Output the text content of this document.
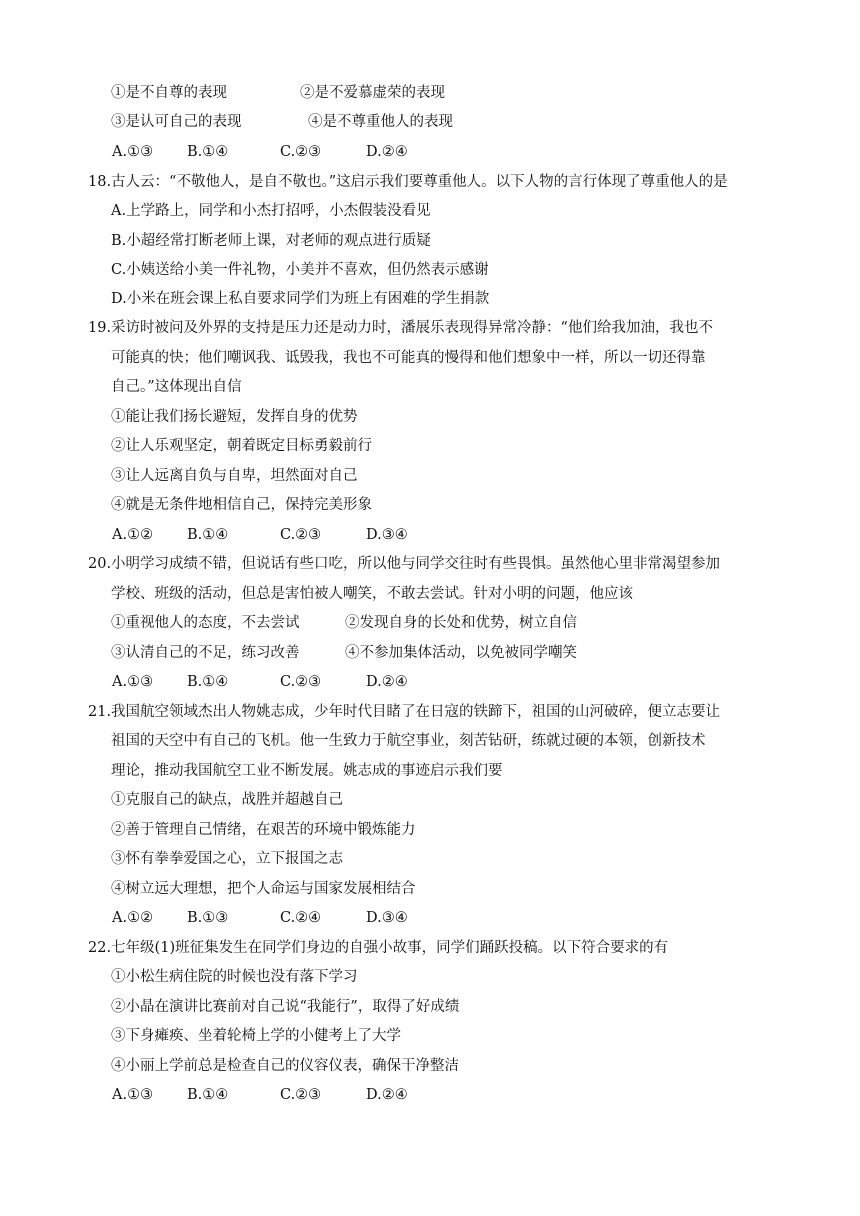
①是不自尊的表现	②是不爱慕虚荣的表现
③是认可自己的表现	④是不尊重他人的表现
A.①③ B.①④	C.②③	D.②④
18.古人云：“不敬他人，是自不敬也。”这启示我们要尊重他人。以下人物的言行体现了尊重他人的是
A.上学路上，同学和小杰打招呼，小杰假装没看见
B.小超经常打断老师上课，对老师的观点进行质疑
C.小姨送给小美一件礼物，小美并不喜欢，但仍然表示感谢
D.小米在班会课上私自要求同学们为班上有困难的学生捐款
19.采访时被问及外界的支持是压力还是动力时，潘展乐表现得异常冷静：“他们给我加油，我也不
可能真的快；他们嘲讽我、诋毁我，我也不可能真的慢得和他们想象中一样，所以一切还得靠
自己。”这体现出自信
①能让我们扬长避短，发挥自身的优势
②让人乐观坚定，朝着既定目标勇毅前行
③让人远离自负与自卑，坦然面对自己
④就是无条件地相信自己，保持完美形象
A.①② B.①④	C.②③	D.③④
20.小明学习成绩不错，但说话有些口吃，所以他与同学交往时有些畏惧。虽然他心里非常渴望参加
学校、班级的活动，但总是害怕被人嘲笑，不敢去尝试。针对小明的问题，他应该
①重视他人的态度，不去尝试	②发现自身的长处和优势，树立自信
③认清自己的不足，练习改善	④不参加集体活动，以免被同学嘲笑
A.①③ B.①④	C.②③	D.②④
21.我国航空领域杰出人物姚志成，少年时代目睹了在日寇的铁蹄下，祖国的山河破碎，便立志要让
祖国的天空中有自己的飞机。他一生致力于航空事业，刻苦钻研，练就过硬的本领，创新技术
理论，推动我国航空工业不断发展。姚志成的事迹启示我们要
①克服自己的缺点，战胜并超越自己
②善于管理自己情绪，在艰苦的环境中锻炼能力
③怀有拳拳爱国之心，立下报国之志
④树立远大理想，把个人命运与国家发展相结合
A.①② B.①③	C.②④	D.③④
22.七年级(1)班征集发生在同学们身边的自强小故事，同学们踊跃投稿。以下符合要求的有
①小松生病住院的时候也没有落下学习
②小晶在演讲比赛前对自己说“我能行”，取得了好成绩
③下身瘫痪、坐着轮椅上学的小健考上了大学
④小丽上学前总是检查自己的仪容仪表，确保干净整洁
A.①③ B.①④	C.②③	D.②④
